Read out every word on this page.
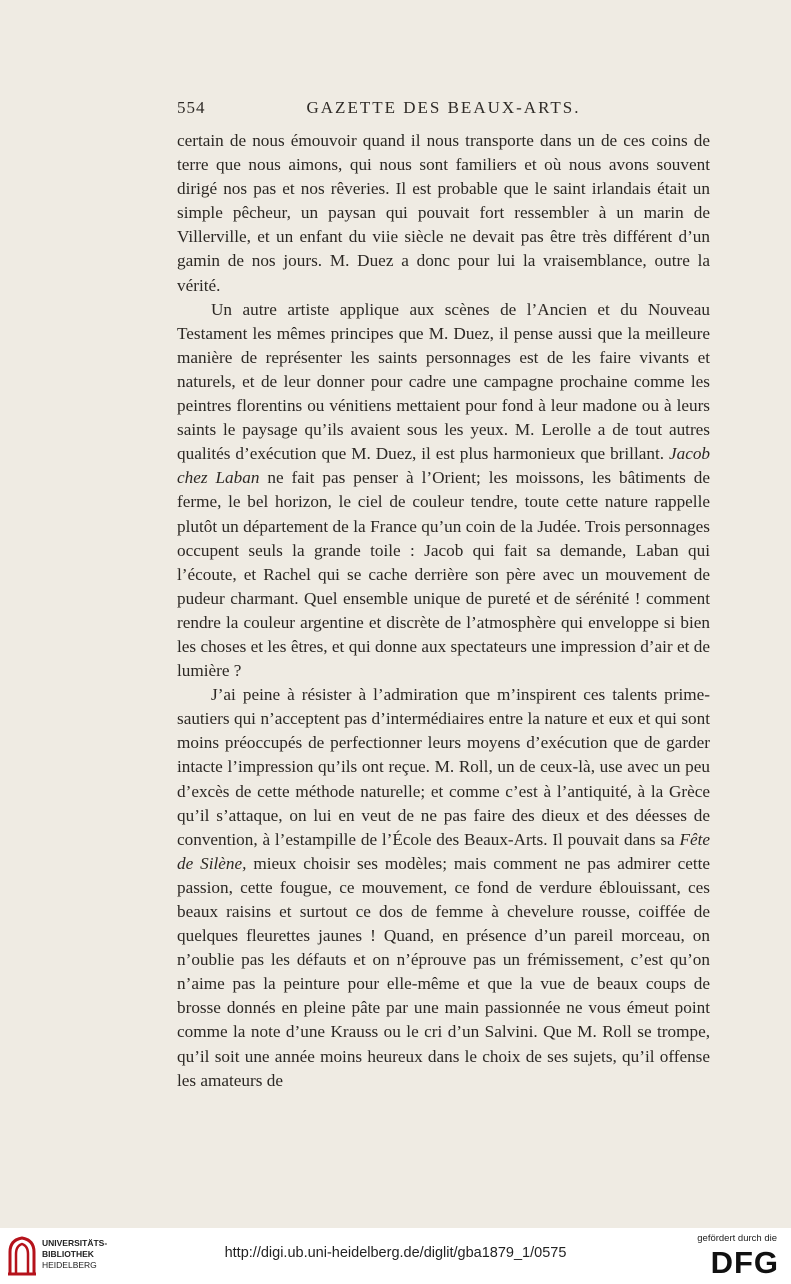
554	GAZETTE DES BEAUX-ARTS.

certain de nous émouvoir quand il nous transporte dans un de ces coins de terre que nous aimons, qui nous sont familiers et où nous avons souvent dirigé nos pas et nos rêveries. Il est probable que le saint irlandais était un simple pêcheur, un paysan qui pouvait fort ressembler à un marin de Villerville, et un enfant du viie siècle ne devait pas être très différent d’un gamin de nos jours. M. Duez a donc pour lui la vraisemblance, outre la vérité.

Un autre artiste applique aux scènes de l’Ancien et du Nouveau Testament les mêmes principes que M. Duez, il pense aussi que la meilleure manière de représenter les saints personnages est de les faire vivants et naturels, et de leur donner pour cadre une campagne prochaine comme les peintres florentins ou vénitiens mettaient pour fond à leur madone ou à leurs saints le paysage qu’ils avaient sous les yeux. M. Lerolle a de tout autres qualités d’exécution que M. Duez, il est plus harmonieux que brillant. Jacob chez Laban ne fait pas penser à l’Orient; les moissons, les bâtiments de ferme, le bel horizon, le ciel de couleur tendre, toute cette nature rappelle plutôt un département de la France qu’un coin de la Judée. Trois personnages occupent seuls la grande toile : Jacob qui fait sa demande, Laban qui l’écoute, et Rachel qui se cache derrière son père avec un mouvement de pudeur charmant. Quel ensemble unique de pureté et de sérénité ! comment rendre la couleur argentine et discrète de l’atmosphère qui enveloppe si bien les choses et les êtres, et qui donne aux spectateurs une impression d’air et de lumière ?

J’ai peine à résister à l’admiration que m’inspirent ces talents prime-sautiers qui n’acceptent pas d’intermédiaires entre la nature et eux et qui sont moins préoccupés de perfectionner leurs moyens d’exécution que de garder intacte l’impression qu’ils ont reçue. M. Roll, un de ceux-là, use avec un peu d’excès de cette méthode naturelle; et comme c’est à l’antiquité, à la Grèce qu’il s’attaque, on lui en veut de ne pas faire des dieux et des déesses de convention, à l’estampille de l’École des Beaux-Arts. Il pouvait dans sa Fête de Silène, mieux choisir ses modèles; mais comment ne pas admirer cette passion, cette fougue, ce mouvement, ce fond de verdure éblouissant, ces beaux raisins et surtout ce dos de femme à chevelure rousse, coiffée de quelques fleurettes jaunes ! Quand, en présence d’un pareil morceau, on n’oublie pas les défauts et on n’éprouve pas un frémissement, c’est qu’on n’aime pas la peinture pour elle-même et que la vue de beaux coups de brosse donnés en pleine pâte par une main passionnée ne vous émeut point comme la note d’une Krauss ou le cri d’un Salvini. Que M. Roll se trompe, qu’il soit une année moins heureux dans le choix de ses sujets, qu’il offense les amateurs de

UNIVERSITÄTS-
BIBLIOTHEK
HEIDELBERG
http://digi.ub.uni-heidelberg.de/diglit/gba1879_1/0575
gefördert durch die
DFG
